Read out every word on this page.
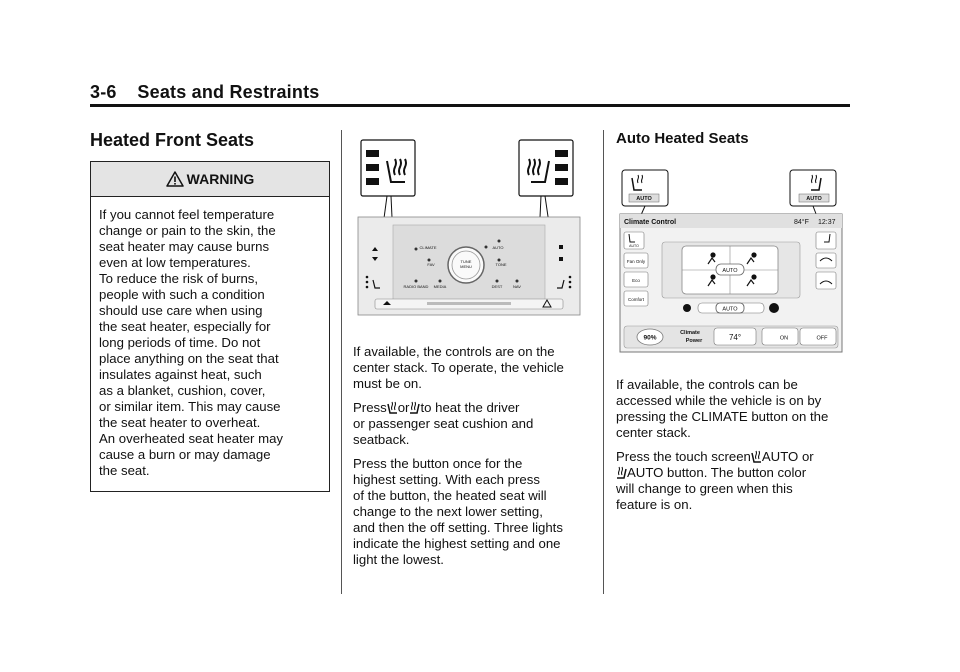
3-6    Seats and Restraints
Heated Front Seats
WARNING

If you cannot feel temperature

change or pain to the skin, the

seat heater may cause burns

even at low temperatures.

To reduce the risk of burns,

people with such a condition

should use care when using

the seat heater, especially for

long periods of time. Do not

place anything on the seat that

insulates against heat, such

as a blanket, cushion, cover,

or similar item. This may cause

the seat heater to overheat.

An overheated seat heater may

cause a burn or may damage

the seat.

TUNE
MENU
CLIMATE	AUTO
TONE
FAV
RADIO BAND MEDIA	DEST	NAV

If available, the controls are on the

center stack. To operate, the vehicle

must be on.

Press or to heat the driver

or passenger seat cushion and

seatback.

Press the button once for the

highest setting. With each press

of the button, the heated seat will

change to the next lower setting,

and then the off setting. Three lights

indicate the highest setting and one

light the lowest.

Auto Heated Seats
AUTO	AUTO
Climate Control	84°F 12:37
AUTO
Fan Only
Eco
Comfort
AUTO
AUTO
90%
Climate
Power	74°	ON	OFF

If available, the controls can be

accessed while the vehicle is on by

pressing the CLIMATE button on the

center stack.

Press the touch screen AUTO or

AUTO button. The button color

will change to green when this

feature is on.
